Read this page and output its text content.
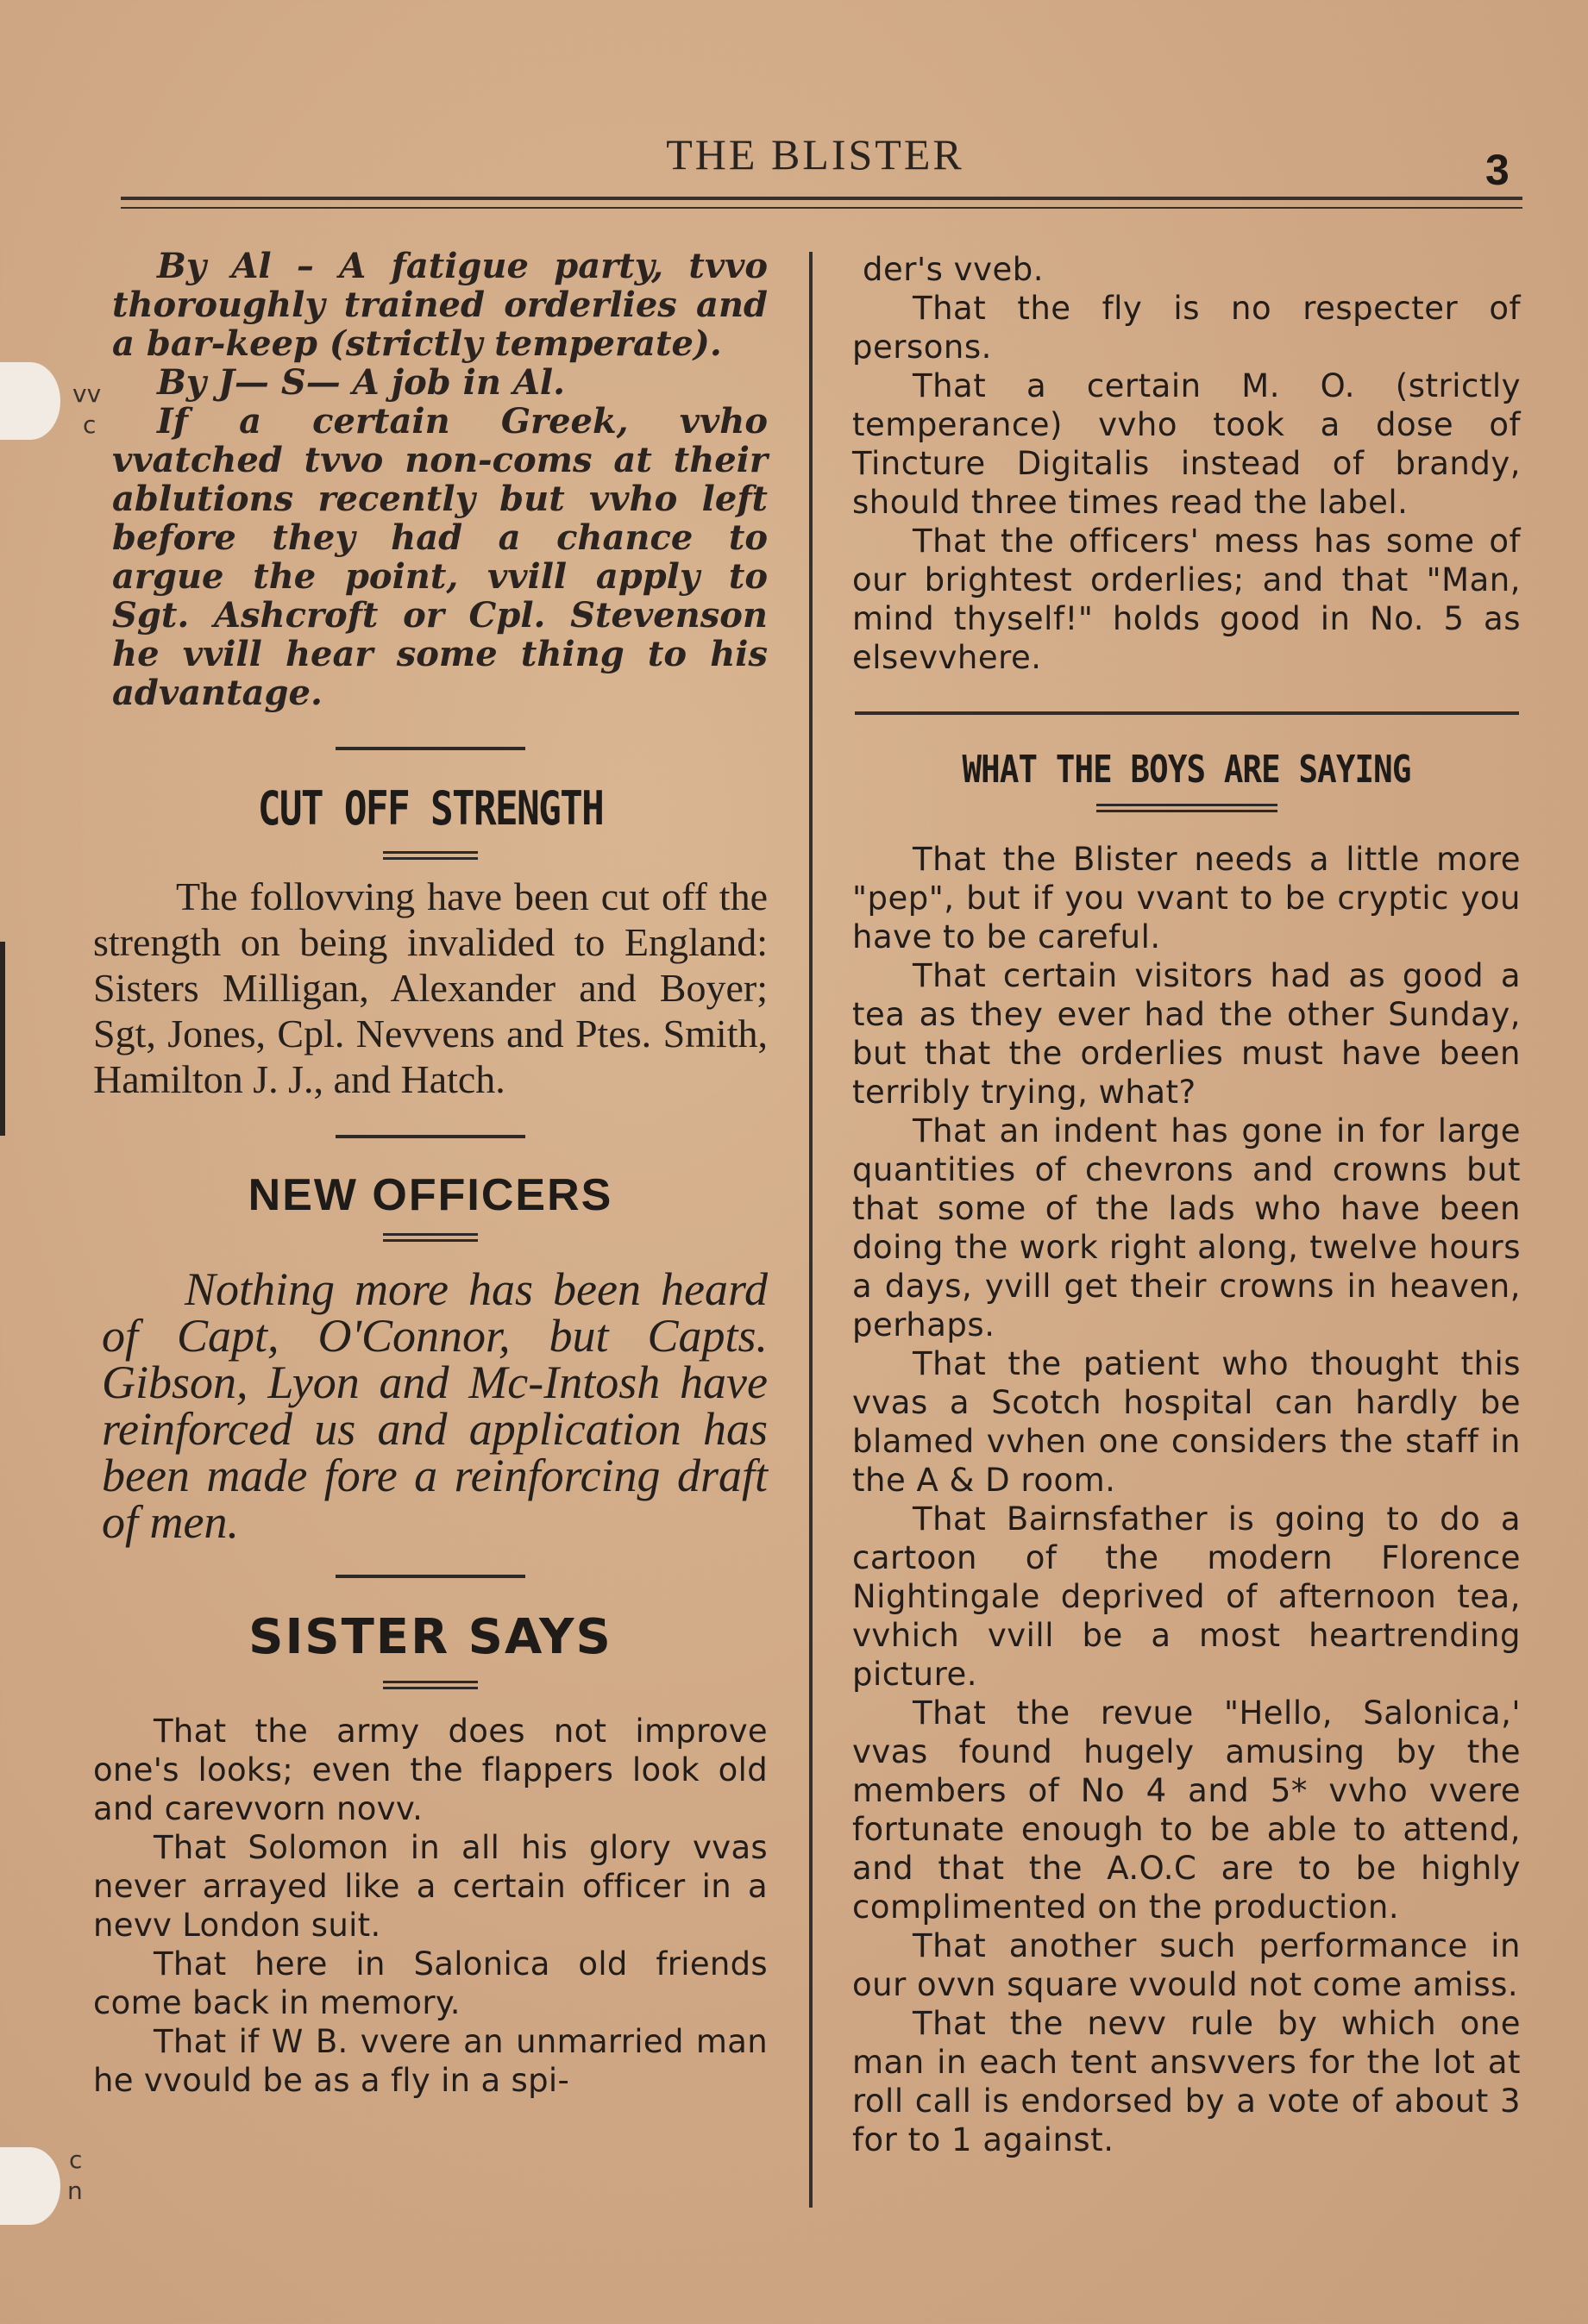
vv
c
c
n
THE BLISTER	3

By Al – A fatigue party, tvvo thoroughly trained orderlies and a bar-keep (strictly temperate).

By J— S— A job in Al.

If a certain Greek, vvho vvatched tvvo non-coms at their ablutions recently but vvho left before they had a chance to argue the point, vvill apply to Sgt. Ashcroft or Cpl. Stevenson he vvill hear some thing to his advantage.

CUT OFF STRENGTH

The follovving have been cut off the strength on being invalided to England: Sisters Milligan, Alexander and Boyer; Sgt, Jones, Cpl. Nevvens and Ptes. Smith, Hamilton J. J., and Hatch.

NEW OFFICERS

Nothing more has been heard of Capt, O'Connor, but Capts. Gibson, Lyon and Mc-Intosh have reinforced us and application has been made fore a reinforcing draft of men.

SISTER SAYS

That the army does not improve one's looks; even the flappers look old and carevvorn novv.

That Solomon in all his glory vvas never arrayed like a certain officer in a nevv London suit.

That here in Salonica old friends come back in memory.

That if W B. vvere an unmarried man he vvould be as a fly in a spi-

der's vveb.

That the fly is no respecter of persons.

That a certain M. O. (strictly temperance) vvho took a dose of Tincture Digitalis instead of brandy, should three times read the label.

That the officers' mess has some of our brightest orderlies; and that "Man, mind thyself!" holds good in No. 5 as elsevvhere.

WHAT THE BOYS ARE SAYING

That the Blister needs a little more "pep", but if you vvant to be cryptic you have to be careful.

That certain visitors had as good a tea as they ever had the other Sunday, but that the orderlies must have been terribly trying, what?

That an indent has gone in for large quantities of chevrons and crowns but that some of the lads who have been doing the work right along, twelve hours a days, yvill get their crowns in heaven, perhaps.

That the patient who thought this vvas a Scotch hospital can hardly be blamed vvhen one considers the staff in the A & D room.

That Bairnsfather is going to do a cartoon of the modern Florence Nightingale deprived of afternoon tea, vvhich vvill be a most heartrending picture.

That the revue "Hello, Salonica,' vvas found hugely amusing by the members of No 4 and 5* vvho vvere fortunate enough to be able to attend, and that the A.O.C are to be highly complimented on the production.

That another such performance in our ovvn square vvould not come amiss.

That the nevv rule by which one man in each tent ansvvers for the lot at roll call is endorsed by a vote of about 3 for to 1 against.
